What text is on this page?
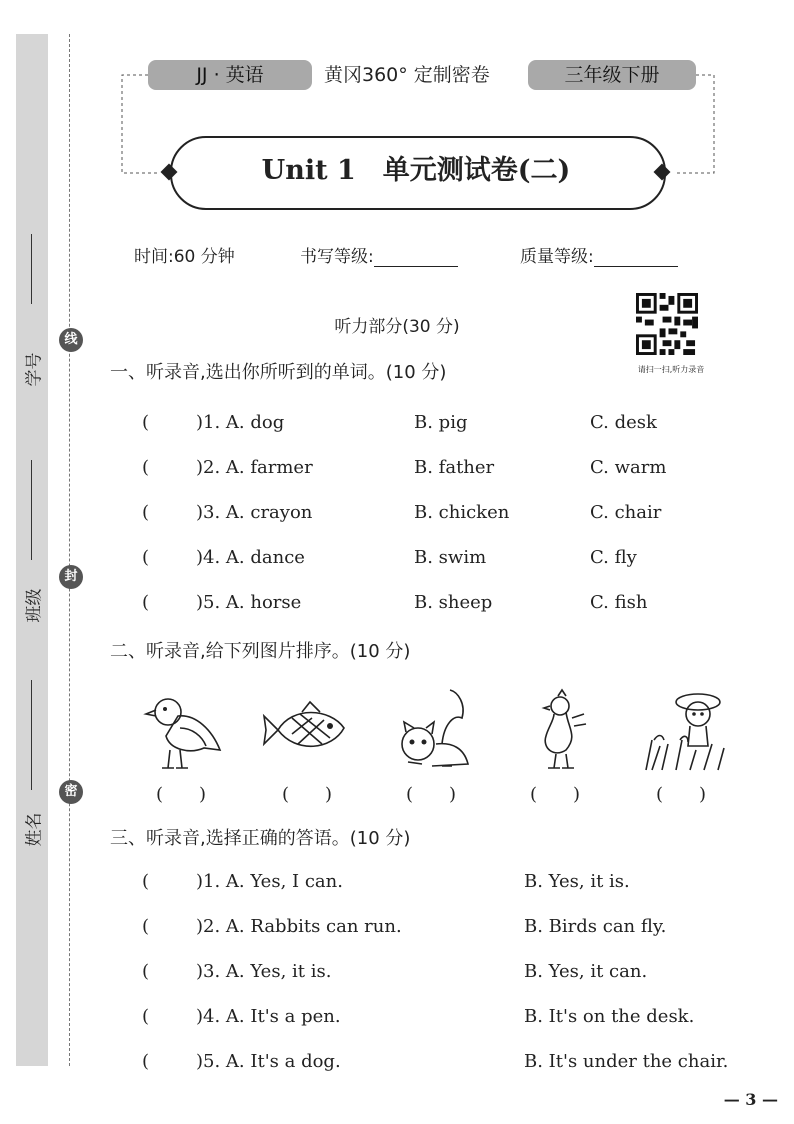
学号
班级
姓名
线
封
密
JJ · 英语	黄冈360° 定制密卷	三年级下册
Unit 1　单元测试卷(二)
时间:60 分钟	书写等级:	质量等级:
听力部分(30 分)
请扫一扫,听力录音
一、听录音,选出你所听到的单词。(10 分)
(	)1. A. dog	B. pig	C. desk
(	)2. A. farmer	B. father	C. warm
(	)3. A. crayon	B. chicken	C. chair
(	)4. A. dance	B. swim	C. fly
(	)5. A. horse	B. sheep	C. fish
二、听录音,给下列图片排序。(10 分)
(　　)	(　　)	(　　)	(　　)	(　　)
三、听录音,选择正确的答语。(10 分)
(	)1. A. Yes, I can.	B. Yes, it is.
(	)2. A. Rabbits can run.	B. Birds can fly.
(	)3. A. Yes, it is.	B. Yes, it can.
(	)4. A. It's a pen.	B. It's on the desk.
(	)5. A. It's a dog.	B. It's under the chair.
— 3 —
